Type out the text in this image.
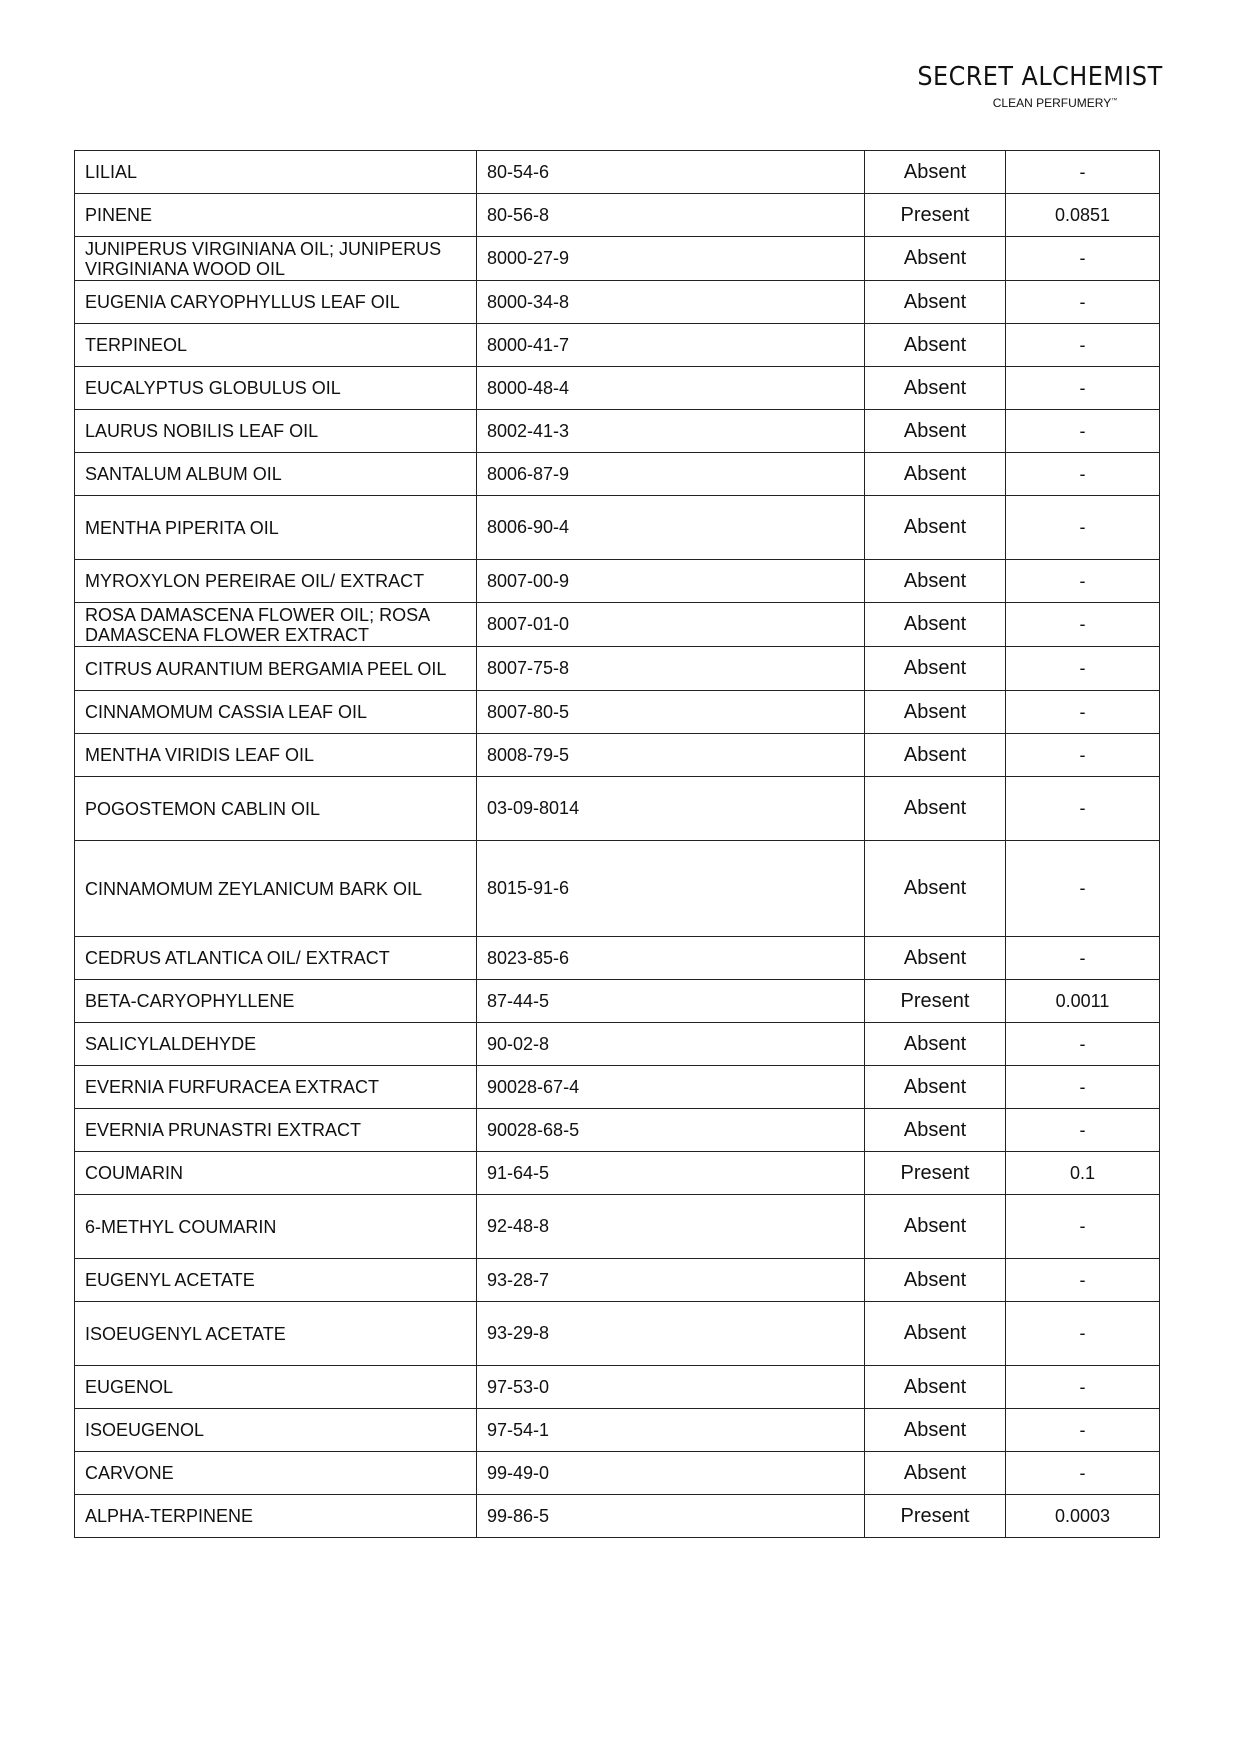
SECRET ALCHEMIST
CLEAN PERFUMERY™
LILIAL	80-54-6	Absent	-
PINENE	80-56-8	Present	0.0851
JUNIPERUS VIRGINIANA OIL; JUNIPERUS VIRGINIANA WOOD OIL	8000-27-9	Absent	-
EUGENIA CARYOPHYLLUS LEAF OIL	8000-34-8	Absent	-
TERPINEOL	8000-41-7	Absent	-
EUCALYPTUS GLOBULUS OIL	8000-48-4	Absent	-
LAURUS NOBILIS LEAF OIL	8002-41-3	Absent	-
SANTALUM ALBUM OIL	8006-87-9	Absent	-
MENTHA PIPERITA OIL	8006-90-4	Absent	-
MYROXYLON PEREIRAE OIL/ EXTRACT	8007-00-9	Absent	-
ROSA DAMASCENA FLOWER OIL; ROSA DAMASCENA FLOWER EXTRACT	8007-01-0	Absent	-
CITRUS AURANTIUM BERGAMIA PEEL OIL	8007-75-8	Absent	-
CINNAMOMUM CASSIA LEAF OIL	8007-80-5	Absent	-
MENTHA VIRIDIS LEAF OIL	8008-79-5	Absent	-
POGOSTEMON CABLIN OIL	03-09-8014	Absent	-
CINNAMOMUM ZEYLANICUM BARK OIL	8015-91-6	Absent	-
CEDRUS ATLANTICA OIL/ EXTRACT	8023-85-6	Absent	-
BETA-CARYOPHYLLENE	87-44-5	Present	0.0011
SALICYLALDEHYDE	90-02-8	Absent	-
EVERNIA FURFURACEA EXTRACT	90028-67-4	Absent	-
EVERNIA PRUNASTRI EXTRACT	90028-68-5	Absent	-
COUMARIN	91-64-5	Present	0.1
6-METHYL COUMARIN	92-48-8	Absent	-
EUGENYL ACETATE	93-28-7	Absent	-
ISOEUGENYL ACETATE	93-29-8	Absent	-
EUGENOL	97-53-0	Absent	-
ISOEUGENOL	97-54-1	Absent	-
CARVONE	99-49-0	Absent	-
ALPHA-TERPINENE	99-86-5	Present	0.0003
